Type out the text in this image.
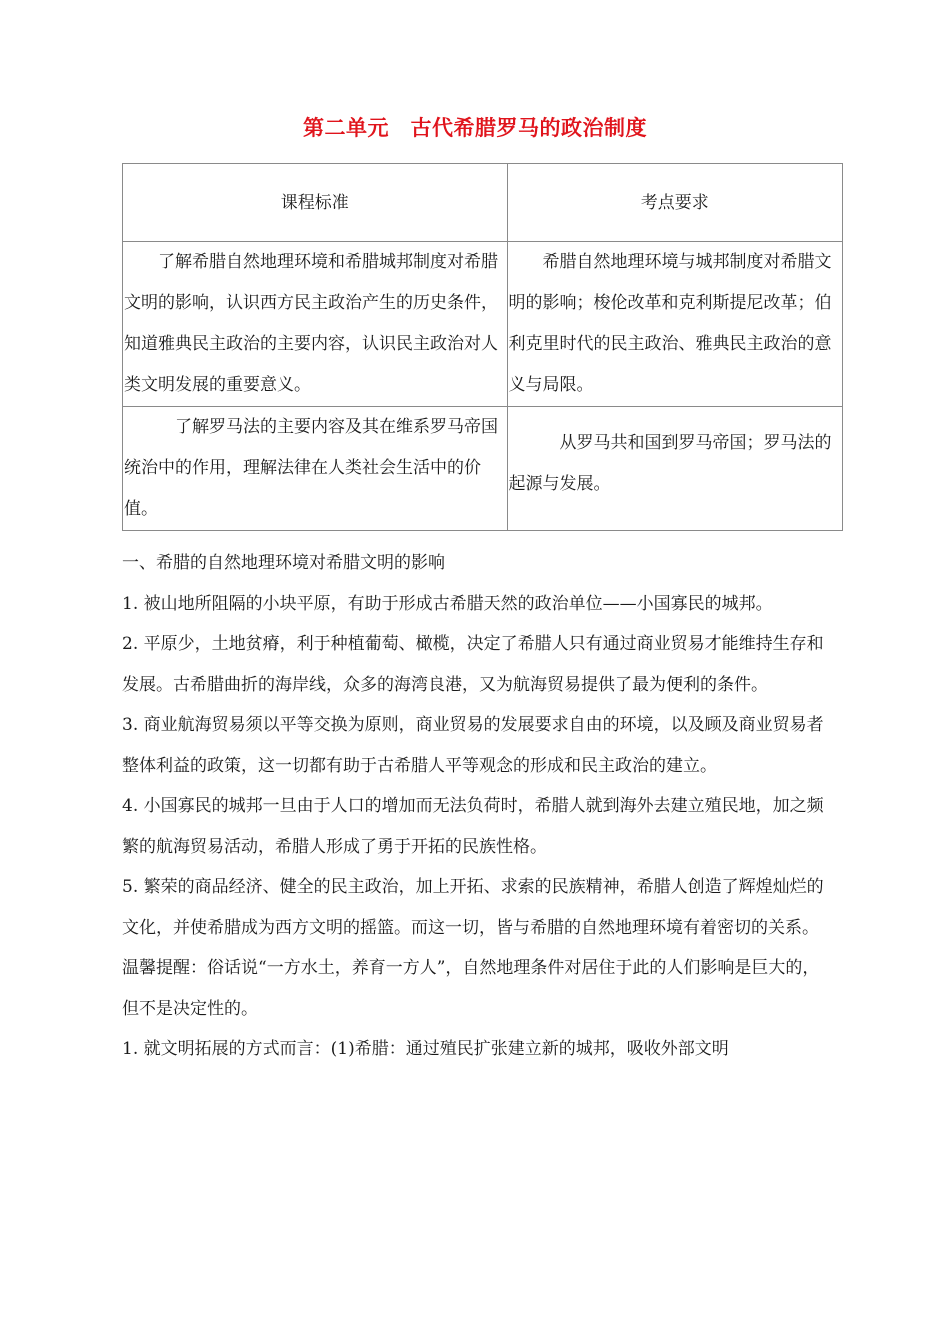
第二单元　古代希腊罗马的政治制度
课程标准	考点要求

了解希腊自然地理环境和希腊城邦制度对希腊文明的影响，认识西方民主政治产生的历史条件，知道雅典民主政治的主要内容，认识民主政治对人类文明发展的重要意义。	希腊自然地理环境与城邦制度对希腊文明的影响；梭伦改革和克利斯提尼改革；伯利克里时代的民主政治、雅典民主政治的意义与局限。

了解罗马法的主要内容及其在维系罗马帝国统治中的作用，理解法律在人类社会生活中的价值。	从罗马共和国到罗马帝国；罗马法的起源与发展。

一、希腊的自然地理环境对希腊文明的影响

1. 被山地所阻隔的小块平原，有助于形成古希腊天然的政治单位——小国寡民的城邦。

2. 平原少，土地贫瘠，利于种植葡萄、橄榄，决定了希腊人只有通过商业贸易才能维持生存和发展。古希腊曲折的海岸线，众多的海湾良港，又为航海贸易提供了最为便利的条件。

3. 商业航海贸易须以平等交换为原则，商业贸易的发展要求自由的环境，以及顾及商业贸易者整体利益的政策，这一切都有助于古希腊人平等观念的形成和民主政治的建立。

4. 小国寡民的城邦一旦由于人口的增加而无法负荷时，希腊人就到海外去建立殖民地，加之频繁的航海贸易活动，希腊人形成了勇于开拓的民族性格。

5. 繁荣的商品经济、健全的民主政治，加上开拓、求索的民族精神，希腊人创造了辉煌灿烂的文化，并使希腊成为西方文明的摇篮。而这一切，皆与希腊的自然地理环境有着密切的关系。

温馨提醒：俗话说“一方水土，养育一方人”，自然地理条件对居住于此的人们影响是巨大的，但不是决定性的。

1. 就文明拓展的方式而言：(1)希腊：通过殖民扩张建立新的城邦，吸收外部文明
